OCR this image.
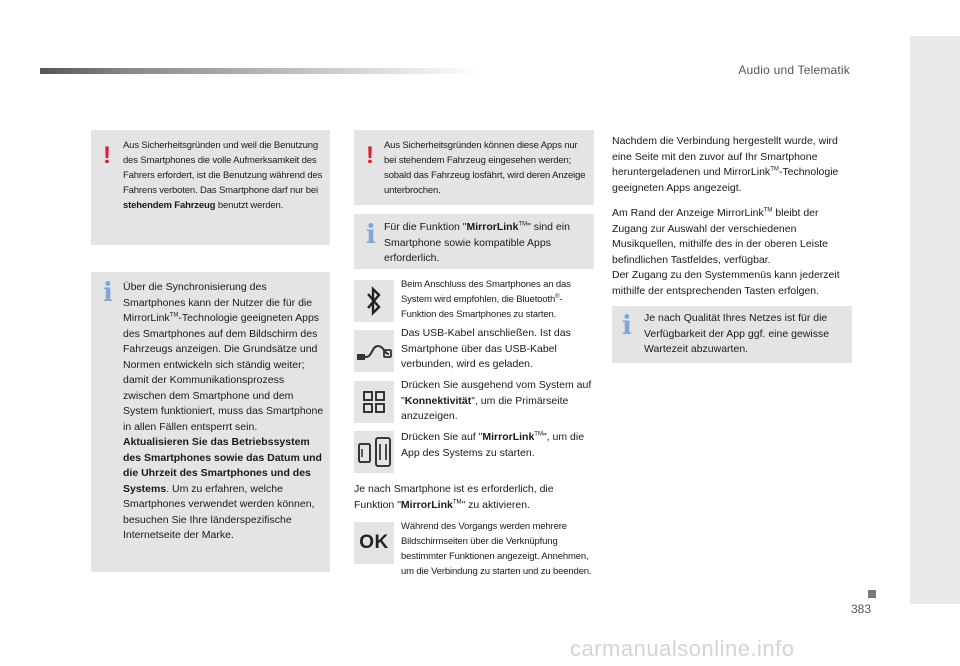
Audio und Telematik
! Aus Sicherheitsgründen und weil die Benutzung des Smartphones die volle Aufmerksamkeit des Fahrers erfordert, ist die Benutzung während des Fahrens verboten. Das Smartphone darf nur bei stehendem Fahrzeug benutzt werden.
i Über die Synchronisierung des Smartphones kann der Nutzer die für die MirrorLink™-Technologie geeigneten Apps des Smartphones auf dem Bildschirm des Fahrzeugs anzeigen. Die Grundsätze und Normen entwickeln sich ständig weiter; damit der Kommunikationsprozess zwischen dem Smartphone und dem System funktioniert, muss das Smartphone in allen Fällen entsperrt sein. Aktualisieren Sie das Betriebssystem des Smartphones sowie das Datum und die Uhrzeit des Smartphones und des Systems. Um zu erfahren, welche Smartphones verwendet werden können, besuchen Sie Ihre länderspezifische Internetseite der Marke.
! Aus Sicherheitsgründen können diese Apps nur bei stehendem Fahrzeug eingesehen werden; sobald das Fahrzeug losfährt, wird deren Anzeige unterbrochen.
i Für die Funktion "MirrorLink™" sind ein Smartphone sowie kompatible Apps erforderlich.
Beim Anschluss des Smartphones an das System wird empfohlen, die Bluetooth®-Funktion des Smartphones zu starten.
Das USB-Kabel anschließen. Ist das Smartphone über das USB-Kabel verbunden, wird es geladen.
Drücken Sie ausgehend vom System auf "Konnektivität", um die Primärseite anzuzeigen.
Drücken Sie auf "MirrorLink™", um die App des Systems zu starten.
Je nach Smartphone ist es erforderlich, die Funktion "MirrorLink™" zu aktivieren.
OK
Während des Vorgangs werden mehrere Bildschirmseiten über die Verknüpfung bestimmter Funktionen angezeigt. Annehmen, um die Verbindung zu starten und zu beenden.
Nachdem die Verbindung hergestellt wurde, wird eine Seite mit den zuvor auf Ihr Smartphone heruntergeladenen und MirrorLink™-Technologie geeigneten Apps angezeigt.
Am Rand der Anzeige MirrorLink™ bleibt der Zugang zur Auswahl der verschiedenen Musikquellen, mithilfe des in der oberen Leiste befindlichen Tastfeldes, verfügbar.
Der Zugang zu den Systemmenüs kann jederzeit mithilfe der entsprechenden Tasten erfolgen.
i Je nach Qualität Ihres Netzes ist für die Verfügbarkeit der App ggf. eine gewisse Wartezeit abzuwarten.
383
carmanualsonline.info
